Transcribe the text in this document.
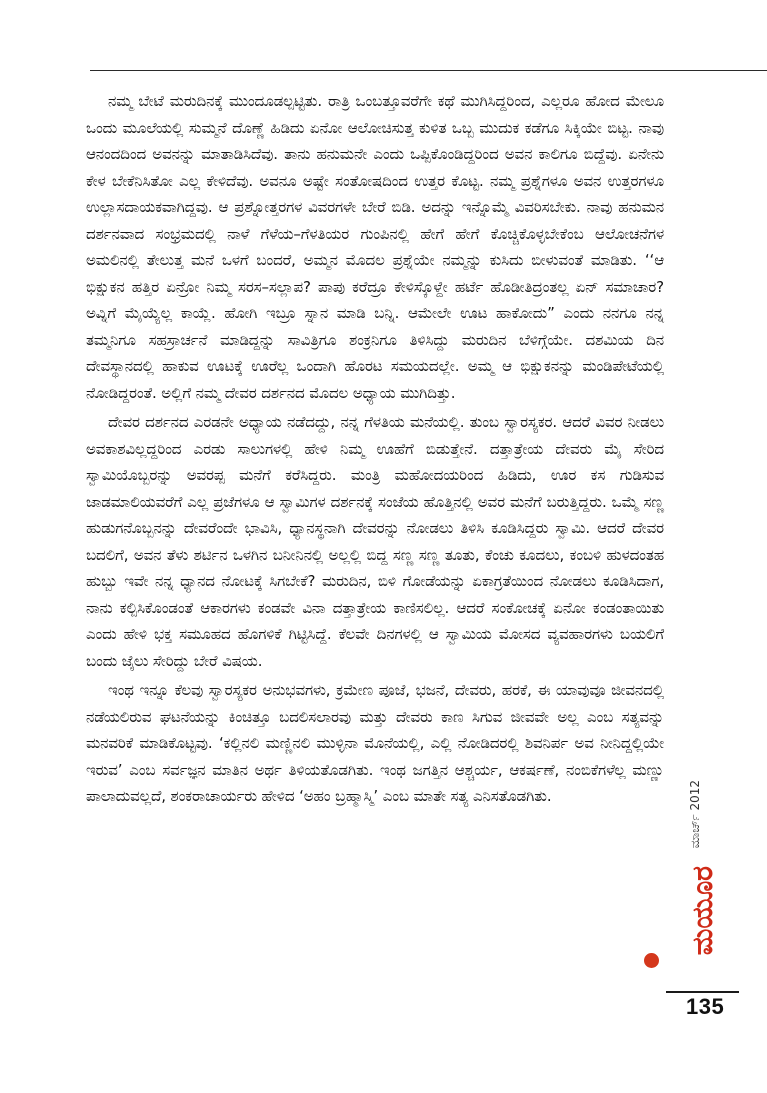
ನಮ್ಮ ಬೇಟೆ ಮರುದಿನಕ್ಕೆ ಮುಂದೂಡಲ್ಪಟ್ಟಿತು. ರಾತ್ರಿ ಒಂಬತ್ತೂವರೆಗೇ ಕಥೆ ಮುಗಿಸಿದ್ದರಿಂದ, ಎಲ್ಲರೂ ಹೋದ ಮೇಲೂ ಒಂದು ಮೂಲೆಯಲ್ಲಿ ಸುಮ್ಮನೆ ದೊಣ್ಣೆ ಹಿಡಿದು ಏನೋ ಆಲೋಚಿಸುತ್ತ ಕುಳಿತ ಒಬ್ಬ ಮುದುಕ ಕಡೆಗೂ ಸಿಕ್ಕಿಯೇ ಬಿಟ್ಟ. ನಾವು ಆನಂದದಿಂದ ಅವನನ್ನು ಮಾತಾಡಿಸಿದೆವು. ತಾನು ಹನುಮನೇ ಎಂದು ಒಪ್ಪಿಕೊಂಡಿದ್ದರಿಂದ ಅವನ ಕಾಲಿಗೂ ಬಿದ್ದೆವು. ಏನೇನು ಕೇಳ ಬೇಕೆನಿಸಿತೋ ಎಲ್ಲ ಕೇಳಿದೆವು. ಅವನೂ ಅಷ್ಟೇ ಸಂತೋಷದಿಂದ ಉತ್ತರ ಕೊಟ್ಟ. ನಮ್ಮ ಪ್ರಶ್ನೆಗಳೂ ಅವನ ಉತ್ತರಗಳೂ ಉಲ್ಲಾಸದಾಯಕವಾಗಿದ್ದವು. ಆ ಪ್ರಶ್ನೋತ್ತರಗಳ ವಿವರಗಳೇ ಬೇರೆ ಬಿಡಿ. ಅದನ್ನು ಇನ್ನೊಮ್ಮೆ ವಿವರಿಸಬೇಕು. ನಾವು ಹನುಮನ ದರ್ಶನವಾದ ಸಂಭ್ರಮದಲ್ಲಿ ನಾಳೆ ಗೆಳೆಯ–ಗೆಳತಿಯರ ಗುಂಪಿನಲ್ಲಿ ಹೇಗೆ ಹೇಗೆ ಕೊಚ್ಚಿಕೊಳ್ಳಬೇಕೆಂಬ ಆಲೋಚನೆಗಳ ಅಮಲಿನಲ್ಲಿ ತೇಲುತ್ತ ಮನೆ ಒಳಗೆ ಬಂದರೆ, ಅಮ್ಮನ ಮೊದಲ ಪ್ರಶ್ನೆಯೇ ನಮ್ಮನ್ನು ಕುಸಿದು ಬೀಳುವಂತೆ ಮಾಡಿತು. ‘‘ಆ ಭಿಕ್ಷುಕನ ಹತ್ತಿರ ಏನ್ರೋ ನಿಮ್ಮ ಸರಸ–ಸಲ್ಲಾಪ? ಪಾಪು ಕರೆದ್ರೂ ಕೇಳಿಸ್ಕೊಳ್ದೇ ಹರ್ಟೆ ಹೊಡೀತಿದ್ರಂತಲ್ಲ ಏನ್ ಸಮಾಚಾರ? ಅವ್ನಿಗೆ ಮೈಯ್ಯೆಲ್ಲ ಕಾಯ್ಲೆ. ಹೋಗಿ ಇಬ್ರೂ ಸ್ನಾನ ಮಾಡಿ ಬನ್ನಿ. ಆಮೇಲೇ ಊಟ ಹಾಕೋದು” ಎಂದು ನನಗೂ ನನ್ನ ತಮ್ಮನಿಗೂ ಸಹಸ್ರಾರ್ಚನೆ ಮಾಡಿದ್ದನ್ನು ಸಾವಿತ್ರಿಗೂ ಶಂಕ್ರನಿಗೂ ತಿಳಿಸಿದ್ದು ಮರುದಿನ ಬೆಳಿಗ್ಗೆಯೇ. ದಶಮಿಯ ದಿನ ದೇವಸ್ಥಾನದಲ್ಲಿ ಹಾಕುವ ಊಟಕ್ಕೆ ಊರೆಲ್ಲ ಒಂದಾಗಿ ಹೊರಟ ಸಮಯದಲ್ಲೇ. ಅಮ್ಮ ಆ ಭಿಕ್ಷುಕನನ್ನು ಮಂಡಿಪೇಟೆಯಲ್ಲಿ ನೋಡಿದ್ದರಂತೆ. ಅಲ್ಲಿಗೆ ನಮ್ಮ ದೇವರ ದರ್ಶನದ ಮೊದಲ ಅಧ್ಯಾಯ ಮುಗಿದಿತ್ತು.

ದೇವರ ದರ್ಶನದ ಎರಡನೇ ಅಧ್ಯಾಯ ನಡೆದದ್ದು, ನನ್ನ ಗೆಳತಿಯ ಮನೆಯಲ್ಲಿ. ತುಂಬ ಸ್ವಾರಸ್ಯಕರ. ಆದರೆ ವಿವರ ನೀಡಲು ಅವಕಾಶವಿಲ್ಲದ್ದರಿಂದ ಎರಡು ಸಾಲುಗಳಲ್ಲಿ ಹೇಳಿ ನಿಮ್ಮ ಊಹೆಗೆ ಬಿಡುತ್ತೇನೆ. ದತ್ತಾತ್ರೇಯ ದೇವರು ಮೈ ಸೇರಿದ ಸ್ವಾಮಿಯೊಬ್ಬರನ್ನು ಅವರಪ್ಪ ಮನೆಗೆ ಕರೆಸಿದ್ದರು. ಮಂತ್ರಿ ಮಹೋದಯರಿಂದ ಹಿಡಿದು, ಊರ ಕಸ ಗುಡಿಸುವ ಜಾಡಮಾಲಿಯವರೆಗೆ ಎಲ್ಲ ಪ್ರಜೆಗಳೂ ಆ ಸ್ವಾಮಿಗಳ ದರ್ಶನಕ್ಕೆ ಸಂಜೆಯ ಹೊತ್ತಿನಲ್ಲಿ ಅವರ ಮನೆಗೆ ಬರುತ್ತಿದ್ದರು. ಒಮ್ಮೆ ಸಣ್ಣ ಹುಡುಗನೊಬ್ಬನನ್ನು ದೇವರೆಂದೇ ಭಾವಿಸಿ, ಧ್ಯಾನಸ್ಥನಾಗಿ ದೇವರನ್ನು ನೋಡಲು ತಿಳಿಸಿ ಕೂಡಿಸಿದ್ದರು ಸ್ವಾಮಿ. ಆದರೆ ದೇವರ ಬದಲಿಗೆ, ಅವನ ತೆಳು ಶರ್ಟಿನ ಒಳಗಿನ ಬನೀನಿನಲ್ಲಿ ಅಲ್ಲಲ್ಲಿ ಬಿದ್ದ ಸಣ್ಣ ಸಣ್ಣ ತೂತು, ಕೆಂಚು ಕೂದಲು, ಕಂಬಳಿ ಹುಳದಂತಹ ಹುಬ್ಬು ಇವೇ ನನ್ನ ಧ್ಯಾನದ ನೋಟಕ್ಕೆ ಸಿಗಬೇಕೆ? ಮರುದಿನ, ಬಿಳಿ ಗೋಡೆಯನ್ನು ಏಕಾಗ್ರತೆಯಿಂದ ನೋಡಲು ಕೂಡಿಸಿದಾಗ, ನಾನು ಕಲ್ಪಿಸಿಕೊಂಡಂತೆ ಆಕಾರಗಳು ಕಂಡವೇ ವಿನಾ ದತ್ತಾತ್ರೇಯ ಕಾಣಿಸಲಿಲ್ಲ. ಆದರೆ ಸಂಕೋಚಕ್ಕೆ ಏನೋ ಕಂಡಂತಾಯಿತು ಎಂದು ಹೇಳಿ ಭಕ್ತ ಸಮೂಹದ ಹೊಗಳಿಕೆ ಗಿಟ್ಟಿಸಿದ್ದೆ. ಕೆಲವೇ ದಿನಗಳಲ್ಲಿ ಆ ಸ್ವಾಮಿಯ ಮೋಸದ ವ್ಯವಹಾರಗಳು ಬಯಲಿಗೆ ಬಂದು ಜೈಲು ಸೇರಿದ್ದು ಬೇರೆ ವಿಷಯ.

ಇಂಥ ಇನ್ನೂ ಕೆಲವು ಸ್ವಾರಸ್ಯಕರ ಅನುಭವಗಳು, ಕ್ರಮೇಣ ಪೂಜೆ, ಭಜನೆ, ದೇವರು, ಹರಕೆ, ಈ ಯಾವುವೂ ಜೀವನದಲ್ಲಿ ನಡೆಯಲಿರುವ ಘಟನೆಯನ್ನು ಕಿಂಚಿತ್ತೂ ಬದಲಿಸಲಾರವು ಮತ್ತು ದೇವರು ಕಾಣ ಸಿಗುವ ಜೀವವೇ ಅಲ್ಲ ಎಂಬ ಸತ್ಯವನ್ನು ಮನವರಿಕೆ ಮಾಡಿಕೊಟ್ಟವು. ‘ಕಲ್ಲಿನಲಿ ಮಣ್ಣಿನಲಿ ಮುಳ್ಳಿನಾ ಮೊನೆಯಲ್ಲಿ, ಎಲ್ಲಿ ನೋಡಿದರಲ್ಲಿ ಶಿವನಿರ್ಪ ಅವ ನೀನಿದ್ದಲ್ಲಿಯೇ ಇರುವ’ ಎಂಬ ಸರ್ವಜ್ಞನ ಮಾತಿನ ಅರ್ಥ ತಿಳಿಯತೊಡಗಿತು. ಇಂಥ ಜಗತ್ತಿನ ಆಶ್ಚರ್ಯ, ಆಕರ್ಷಣೆ, ನಂಬಿಕೆಗಳೆಲ್ಲ ಮಣ್ಣು ಪಾಲಾದುವಲ್ಲದೆ, ಶಂಕರಾಚಾರ್ಯರು ಹೇಳಿದ ‘ಅಹಂ ಬ್ರಹ್ಮಾಸ್ಮಿ’ ಎಂಬ ಮಾತೇ ಸತ್ಯ ಎನಿಸತೊಡಗಿತು.	ಮಾರ್ಚ್ 2012
ಮಯೂರ
135
